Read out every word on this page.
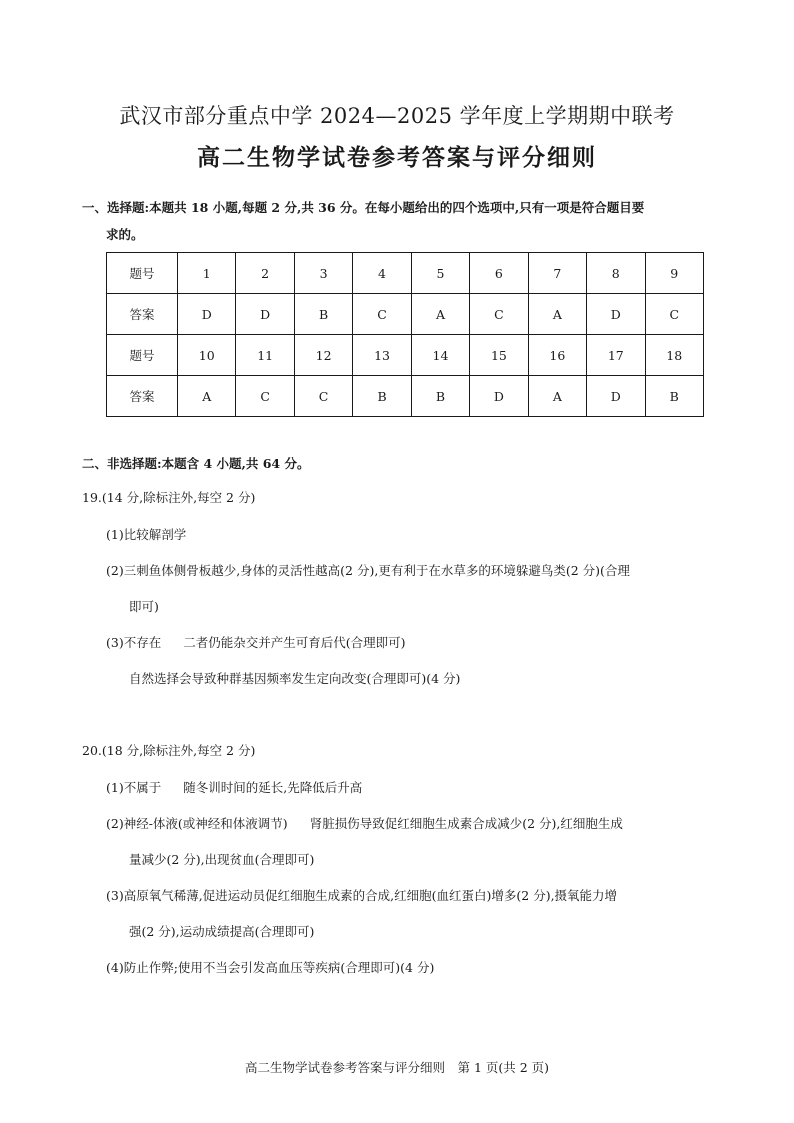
武汉市部分重点中学 2024—2025 学年度上学期期中联考
高二生物学试卷参考答案与评分细则
一、选择题:本题共 18 小题,每题 2 分,共 36 分。在每小题给出的四个选项中,只有一项是符合题目要
求的。
题号	1	2	3	4	5	6	7	8	9
答案	D	D	B	C	A	C	A	D	C
题号	10	11	12	13	14	15	16	17	18
答案	A	C	C	B	B	D	A	D	B
二、非选择题:本题含 4 小题,共 64 分。
19.(14 分,除标注外,每空 2 分)
(1)比较解剖学
(2)三刺鱼体侧骨板越少,身体的灵活性越高(2 分),更有利于在水草多的环境躲避鸟类(2 分)(合理
即可)
(3)不存在 二者仍能杂交并产生可育后代(合理即可)
自然选择会导致种群基因频率发生定向改变(合理即可)(4 分)
20.(18 分,除标注外,每空 2 分)
(1)不属于 随冬训时间的延长,先降低后升高
(2)神经-体液(或神经和体液调节) 肾脏损伤导致促红细胞生成素合成减少(2 分),红细胞生成
量减少(2 分),出现贫血(合理即可)
(3)高原氧气稀薄,促进运动员促红细胞生成素的合成,红细胞(血红蛋白)增多(2 分),摄氧能力增
强(2 分),运动成绩提高(合理即可)
(4)防止作弊;使用不当会引发高血压等疾病(合理即可)(4 分)
高二生物学试卷参考答案与评分细则　第 1 页(共 2 页)
